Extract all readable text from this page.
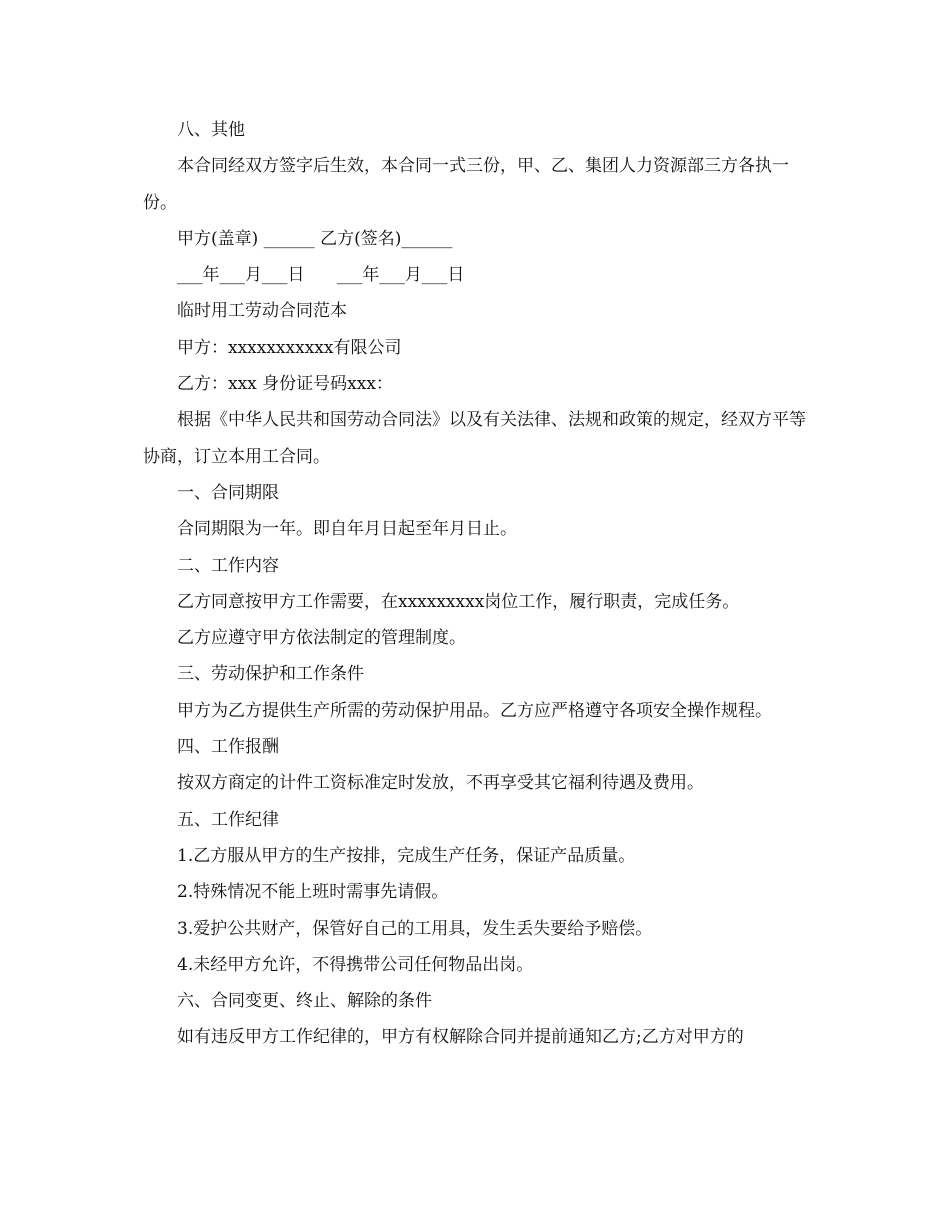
八、其他

本合同经双方签字后生效，本合同一式三份，甲、乙、集团人力资源部三方各执一份。

甲方(盖章) ______ 乙方(签名)______

___年___月___日      ___年___月___日

临时用工劳动合同范本

甲方：xxxxxxxxxxx有限公司

乙方：xxx 身份证号码xxx：

根据《中华人民共和国劳动合同法》以及有关法律、法规和政策的规定，经双方平等协商，订立本用工合同。

一、合同期限

合同期限为一年。即自年月日起至年月日止。

二、工作内容

乙方同意按甲方工作需要，在xxxxxxxxx岗位工作，履行职责，完成任务。

乙方应遵守甲方依法制定的管理制度。

三、劳动保护和工作条件

甲方为乙方提供生产所需的劳动保护用品。乙方应严格遵守各项安全操作规程。

四、工作报酬

按双方商定的计件工资标准定时发放，不再享受其它福利待遇及费用。

五、工作纪律

1.乙方服从甲方的生产按排，完成生产任务，保证产品质量。

2.特殊情况不能上班时需事先请假。

3.爱护公共财产，保管好自己的工用具，发生丢失要给予赔偿。

4.未经甲方允许，不得携带公司任何物品出岗。

六、合同变更、终止、解除的条件

如有违反甲方工作纪律的，甲方有权解除合同并提前通知乙方;乙方对甲方的
